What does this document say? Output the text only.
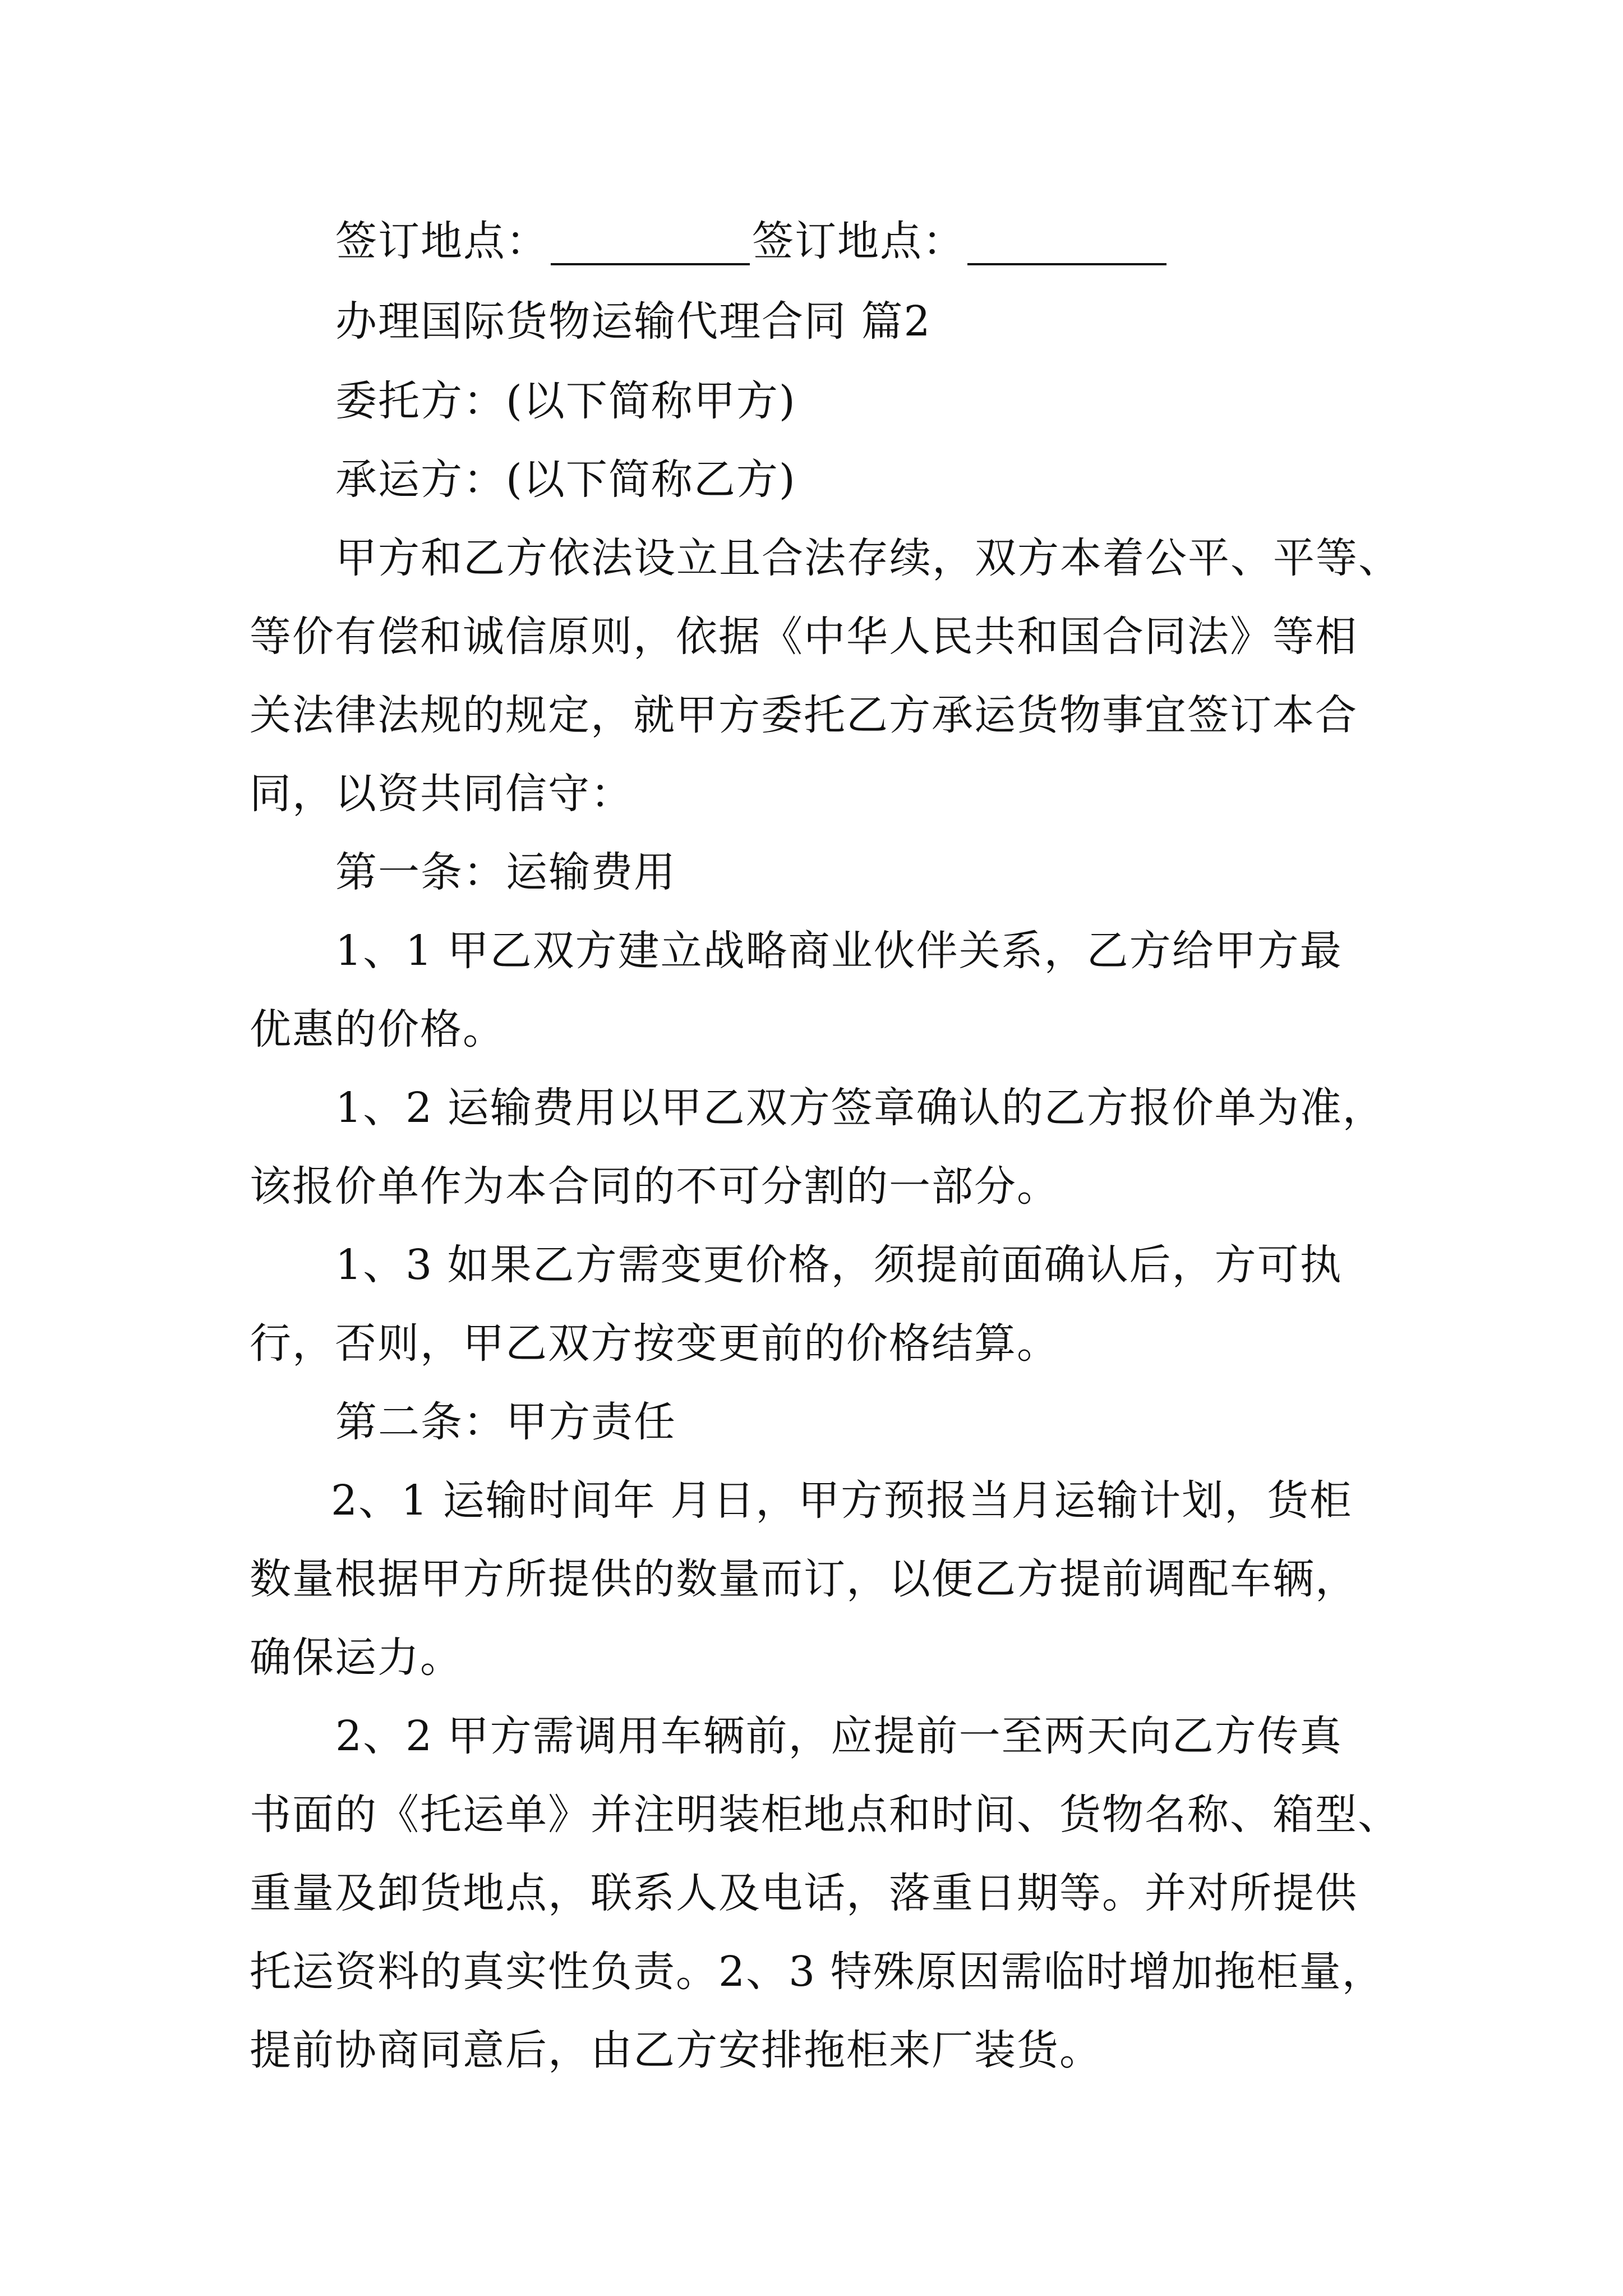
签订地点：	签订地点：
办理国际货物运输代理合同 篇2
委托方：(以下简称甲方)
承运方：(以下简称乙方)
甲方和乙方依法设立且合法存续，双方本着公平、平等、
等价有偿和诚信原则，依据《中华人民共和国合同法》等相
关法律法规的规定，就甲方委托乙方承运货物事宜签订本合
同，以资共同信守：
第一条：运输费用
1、1 甲乙双方建立战略商业伙伴关系，乙方给甲方最
优惠的价格。
1、2 运输费用以甲乙双方签章确认的乙方报价单为准，
该报价单作为本合同的不可分割的一部分。
1、3 如果乙方需变更价格，须提前面确认后，方可执
行，否则，甲乙双方按变更前的价格结算。
第二条：甲方责任
2、1 运输时间年 月日，甲方预报当月运输计划，货柜
数量根据甲方所提供的数量而订，以便乙方提前调配车辆，
确保运力。
2、2 甲方需调用车辆前，应提前一至两天向乙方传真
书面的《托运单》并注明装柜地点和时间、货物名称、箱型、
重量及卸货地点，联系人及电话，落重日期等。并对所提供
托运资料的真实性负责。2、3 特殊原因需临时增加拖柜量，
提前协商同意后，由乙方安排拖柜来厂装货。
